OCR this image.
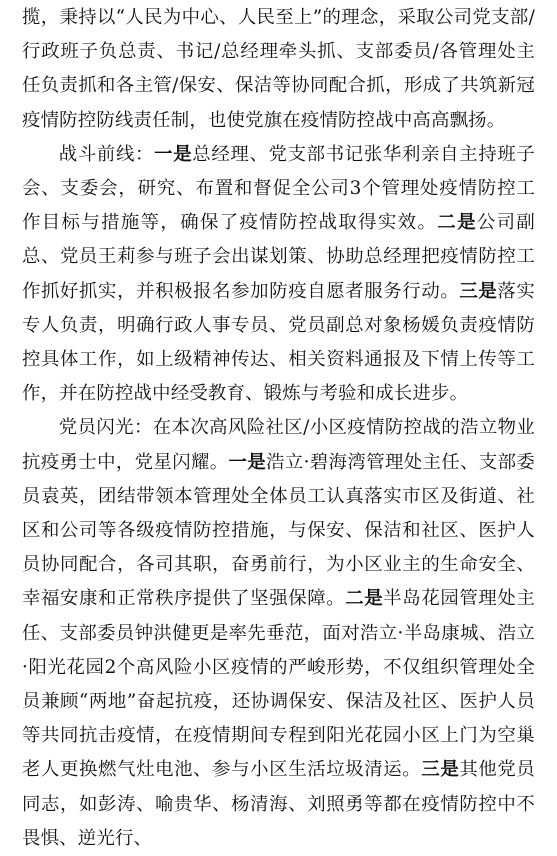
揽，秉持以“人民为中心、人民至上”的理念，采取公司党支部/行政班子负总责、书记/总经理牵头抓、支部委员/各管理处主任负责抓和各主管/保安、保洁等协同配合抓，形成了共筑新冠疫情防控防线责任制，也使党旗在疫情防控战中高高飘扬。

战斗前线：一是总经理、党支部书记张华利亲自主持班子会、支委会，研究、布置和督促全公司3个管理处疫情防控工作目标与措施等，确保了疫情防控战取得实效。二是公司副总、党员王莉参与班子会出谋划策、协助总经理把疫情防控工作抓好抓实，并积极报名参加防疫自愿者服务行动。三是落实专人负责，明确行政人事专员、党员副总对象杨媛负责疫情防控具体工作，如上级精神传达、相关资料通报及下情上传等工作，并在防控战中经受教育、锻炼与考验和成长进步。

党员闪光：在本次高风险社区/小区疫情防控战的浩立物业抗疫勇士中，党星闪耀。一是浩立·碧海湾管理处主任、支部委员袁英，团结带领本管理处全体员工认真落实市区及街道、社区和公司等各级疫情防控措施，与保安、保洁和社区、医护人员协同配合，各司其职，奋勇前行，为小区业主的生命安全、幸福安康和正常秩序提供了坚强保障。二是半岛花园管理处主任、支部委员钟洪健更是率先垂范，面对浩立·半岛康城、浩立·阳光花园2个高风险小区疫情的严峻形势，不仅组织管理处全员兼顾“两地”奋起抗疫，还协调保安、保洁及社区、医护人员等共同抗击疫情，在疫情期间专程到阳光花园小区上门为空巢老人更换燃气灶电池、参与小区生活垃圾清运。三是其他党员同志，如彭涛、喻贵华、杨清海、刘照勇等都在疫情防控中不畏惧、逆光行、
